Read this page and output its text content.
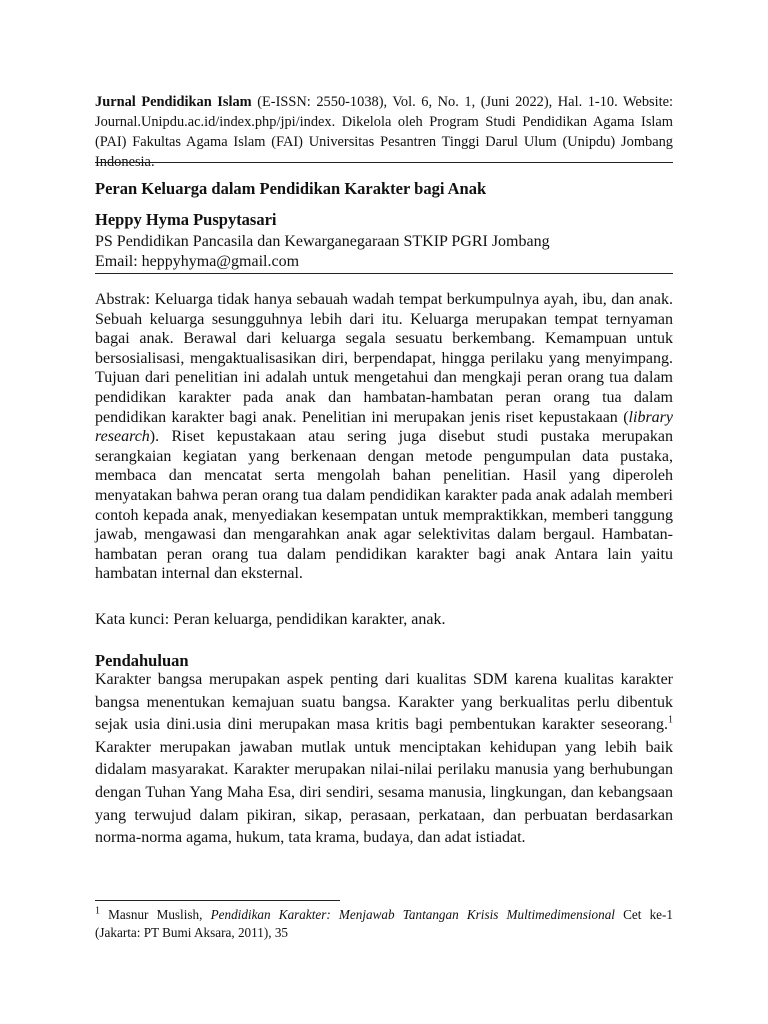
Jurnal Pendidikan Islam (E-ISSN: 2550-1038), Vol. 6, No. 1, (Juni 2022), Hal. 1-10. Website: Journal.Unipdu.ac.id/index.php/jpi/index. Dikelola oleh Program Studi Pendidikan Agama Islam (PAI) Fakultas Agama Islam (FAI) Universitas Pesantren Tinggi Darul Ulum (Unipdu) Jombang Indonesia.
Peran Keluarga dalam Pendidikan Karakter bagi Anak
Heppy Hyma Puspytasari
PS Pendidikan Pancasila dan Kewarganegaraan STKIP PGRI Jombang
Email: heppyhyma@gmail.com

Abstrak: Keluarga tidak hanya sebauah wadah tempat berkumpulnya ayah, ibu, dan anak. Sebuah keluarga sesungguhnya lebih dari itu. Keluarga merupakan tempat ternyaman bagai anak. Berawal dari keluarga segala sesuatu berkembang. Kemampuan untuk bersosialisasi, mengaktualisasikan diri, berpendapat, hingga perilaku yang menyimpang. Tujuan dari penelitian ini adalah untuk mengetahui dan mengkaji peran orang tua dalam pendidikan karakter pada anak dan hambatan-hambatan peran orang tua dalam pendidikan karakter bagi anak. Penelitian ini merupakan jenis riset kepustakaan (library research). Riset kepustakaan atau sering juga disebut studi pustaka merupakan serangkaian kegiatan yang berkenaan dengan metode pengumpulan data pustaka, membaca dan mencatat serta mengolah bahan penelitian. Hasil yang diperoleh menyatakan bahwa peran orang tua dalam pendidikan karakter pada anak adalah memberi contoh kepada anak, menyediakan kesempatan untuk mempraktikkan, memberi tanggung jawab, mengawasi dan mengarahkan anak agar selektivitas dalam bergaul. Hambatan-hambatan peran orang tua dalam pendidikan karakter bagi anak Antara lain yaitu hambatan internal dan eksternal.

Kata kunci: Peran keluarga, pendidikan karakter, anak.
Pendahuluan

Karakter bangsa merupakan aspek penting dari kualitas SDM karena kualitas karakter bangsa menentukan kemajuan suatu bangsa. Karakter yang berkualitas perlu dibentuk sejak usia dini.usia dini merupakan masa kritis bagi pembentukan karakter seseorang.$^1$ Karakter merupakan jawaban mutlak untuk menciptakan kehidupan yang lebih baik didalam masyarakat. Karakter merupakan nilai-nilai perilaku manusia yang berhubungan dengan Tuhan Yang Maha Esa, diri sendiri, sesama manusia, lingkungan, dan kebangsaan yang terwujud dalam pikiran, sikap, perasaan, perkataan, dan perbuatan berdasarkan norma-norma agama, hukum, tata krama, budaya, dan adat istiadat.

$^1$ Masnur Muslish, Pendidikan Karakter: Menjawab Tantangan Krisis Multimedimensional Cet ke-1 (Jakarta: PT Bumi Aksara, 2011), 35
